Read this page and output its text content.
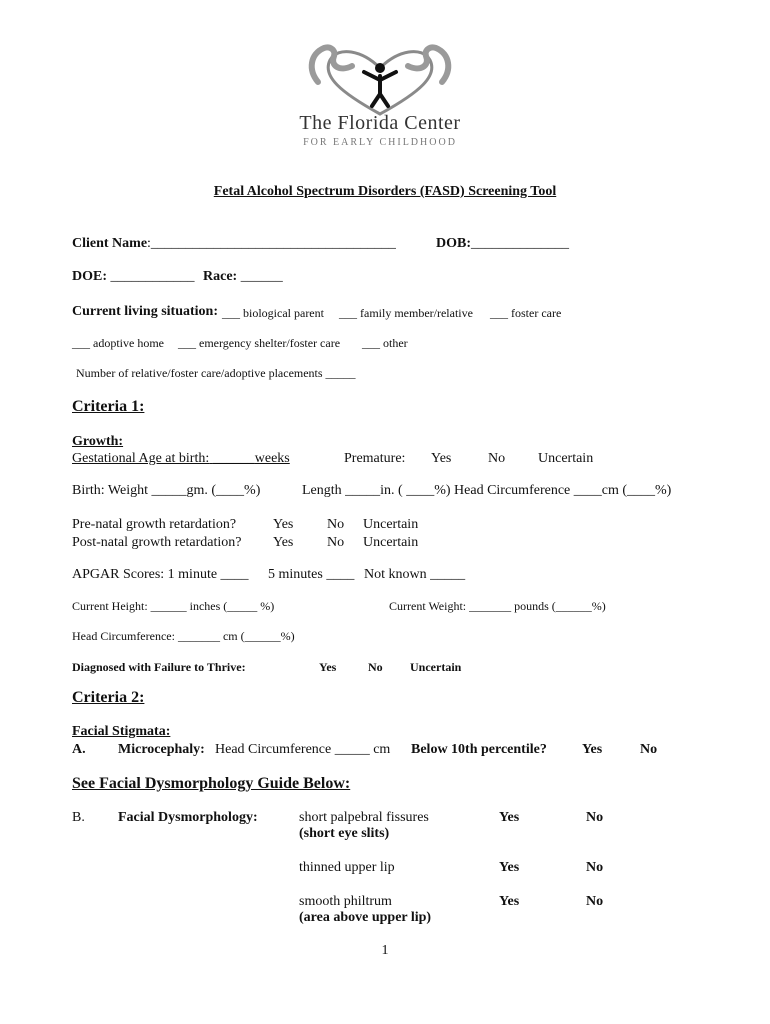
The Florida Center
FOR EARLY CHILDHOOD
Fetal Alcohol Spectrum Disorders (FASD) Screening Tool
Client Name:___________________________________	DOB:______________
DOE: ____________ Race: ______
Current living situation: ___ biological parent ___ family member/relative ___ foster care
___ adoptive home ___ emergency shelter/foster care ___ other
Number of relative/foster care/adoptive placements _____
Criteria 1:
Growth:
Gestational Age at birth: ______weeks	Premature: Yes	No Uncertain
Birth: Weight _____gm. (____%)	Length _____in. ( ____%) Head Circumference ____cm (____%)
Pre-natal growth retardation?	Yes No Uncertain
Post-natal growth retardation? Yes No Uncertain
APGAR Scores: 1 minute ____ 5 minutes ____ Not known _____
Current Height: ______ inches (_____ %)	Current Weight: _______ pounds (______%)
Head Circumference: _______ cm (______%)
Diagnosed with Failure to Thrive:	Yes	No Uncertain
Criteria 2:
Facial Stigmata:
A. Microcephaly: Head Circumference _____ cm Below 10th percentile?	Yes	No
See Facial Dysmorphology Guide Below:
B. Facial Dysmorphology:	short palpebral fissures
(short eye slits)
Yes	No
thinned upper lip	Yes	No
smooth philtrum
(area above upper lip)
Yes	No
1
